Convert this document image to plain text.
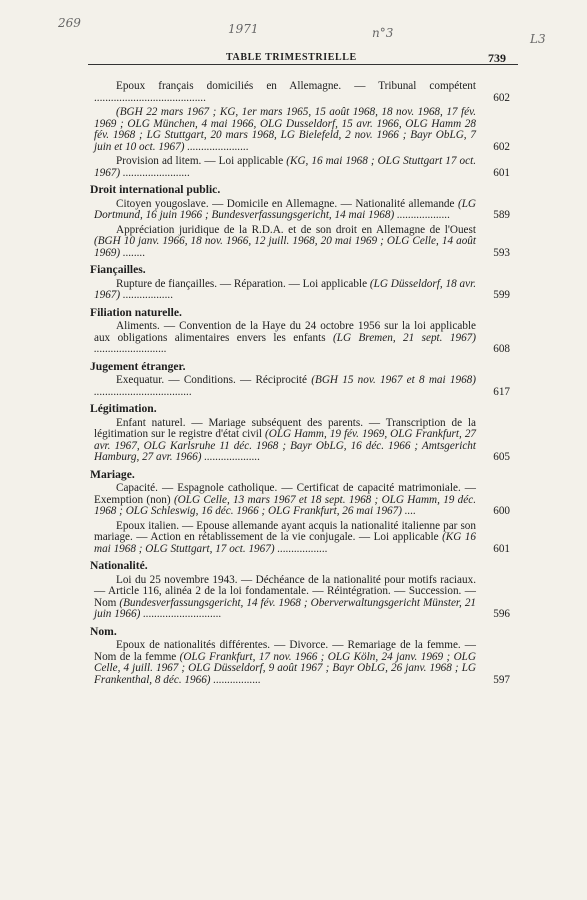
269	1971	n°3	L3
TABLE TRIMESTRIELLE	739
Epoux français domiciliés en Allemagne. — Tribunal compétent ........................................	602
(BGH 22 mars 1967 ; KG, 1er mars 1965, 15 août 1968, 18 nov. 1968, 17 fév. 1969 ; OLG München, 4 mai 1966, OLG Dusseldorf, 15 avr. 1966, OLG Hamm 28 fév. 1968 ; LG Stuttgart, 20 mars 1968, LG Bielefeld, 2 nov. 1966 ; Bayr ObLG, 7 juin et 10 oct. 1967) ......................	602
Provision ad litem. — Loi applicable (KG, 16 mai 1968 ; OLG Stuttgart 17 oct. 1967) ........................	601
Droit international public.
Citoyen yougoslave. — Domicile en Allemagne. — Nationalité allemande (LG Dortmund, 16 juin 1966 ; Bundesverfassungsgericht, 14 mai 1968) ...................	589
Appréciation juridique de la R.D.A. et de son droit en Allemagne de l'Ouest (BGH 10 janv. 1966, 18 nov. 1966, 12 juill. 1968, 20 mai 1969 ; OLG Celle, 14 août 1969) ........	593
Fiançailles.
Rupture de fiançailles. — Réparation. — Loi applicable (LG Düsseldorf, 18 avr. 1967) ..................	599
Filiation naturelle.
Aliments. — Convention de la Haye du 24 octobre 1956 sur la loi applicable aux obligations alimentaires envers les enfants (LG Bremen, 21 sept. 1967) ..........................	608
Jugement étranger.
Exequatur. — Conditions. — Réciprocité (BGH 15 nov. 1967 et 8 mai 1968) ...................................	617
Légitimation.
Enfant naturel. — Mariage subséquent des parents. — Transcription de la légitimation sur le registre d'état civil (OLG Hamm, 19 fév. 1969, OLG Frankfurt, 27 avr. 1967, OLG Karlsruhe 11 déc. 1968 ; Bayr ObLG, 16 déc. 1966 ; Amtsgericht Hamburg, 27 avr. 1966) ....................	605
Mariage.
Capacité. — Espagnole catholique. — Certificat de capacité matrimoniale. — Exemption (non) (OLG Celle, 13 mars 1967 et 18 sept. 1968 ; OLG Hamm, 19 déc. 1968 ; OLG Schleswig, 16 déc. 1966 ; OLG Frankfurt, 26 mai 1967) ....	600
Epoux italien. — Epouse allemande ayant acquis la nationalité italienne par son mariage. — Action en rétablissement de la vie conjugale. — Loi applicable (KG 16 mai 1968 ; OLG Stuttgart, 17 oct. 1967) ..................	601
Nationalité.
Loi du 25 novembre 1943. — Déchéance de la nationalité pour motifs raciaux. — Article 116, alinéa 2 de la loi fondamentale. — Réintégration. — Succession. — Nom (Bundesverfassungsgericht, 14 fév. 1968 ; Oberverwaltungsgericht Münster, 21 juin 1966) ............................	596
Nom.
Epoux de nationalités différentes. — Divorce. — Remariage de la femme. — Nom de la femme (OLG Frankfurt, 17 nov. 1966 ; OLG Köln, 24 janv. 1969 ; OLG Celle, 4 juill. 1967 ; OLG Düsseldorf, 9 août 1967 ; Bayr ObLG, 26 janv. 1968 ; LG Frankenthal, 8 déc. 1966) .................	597
